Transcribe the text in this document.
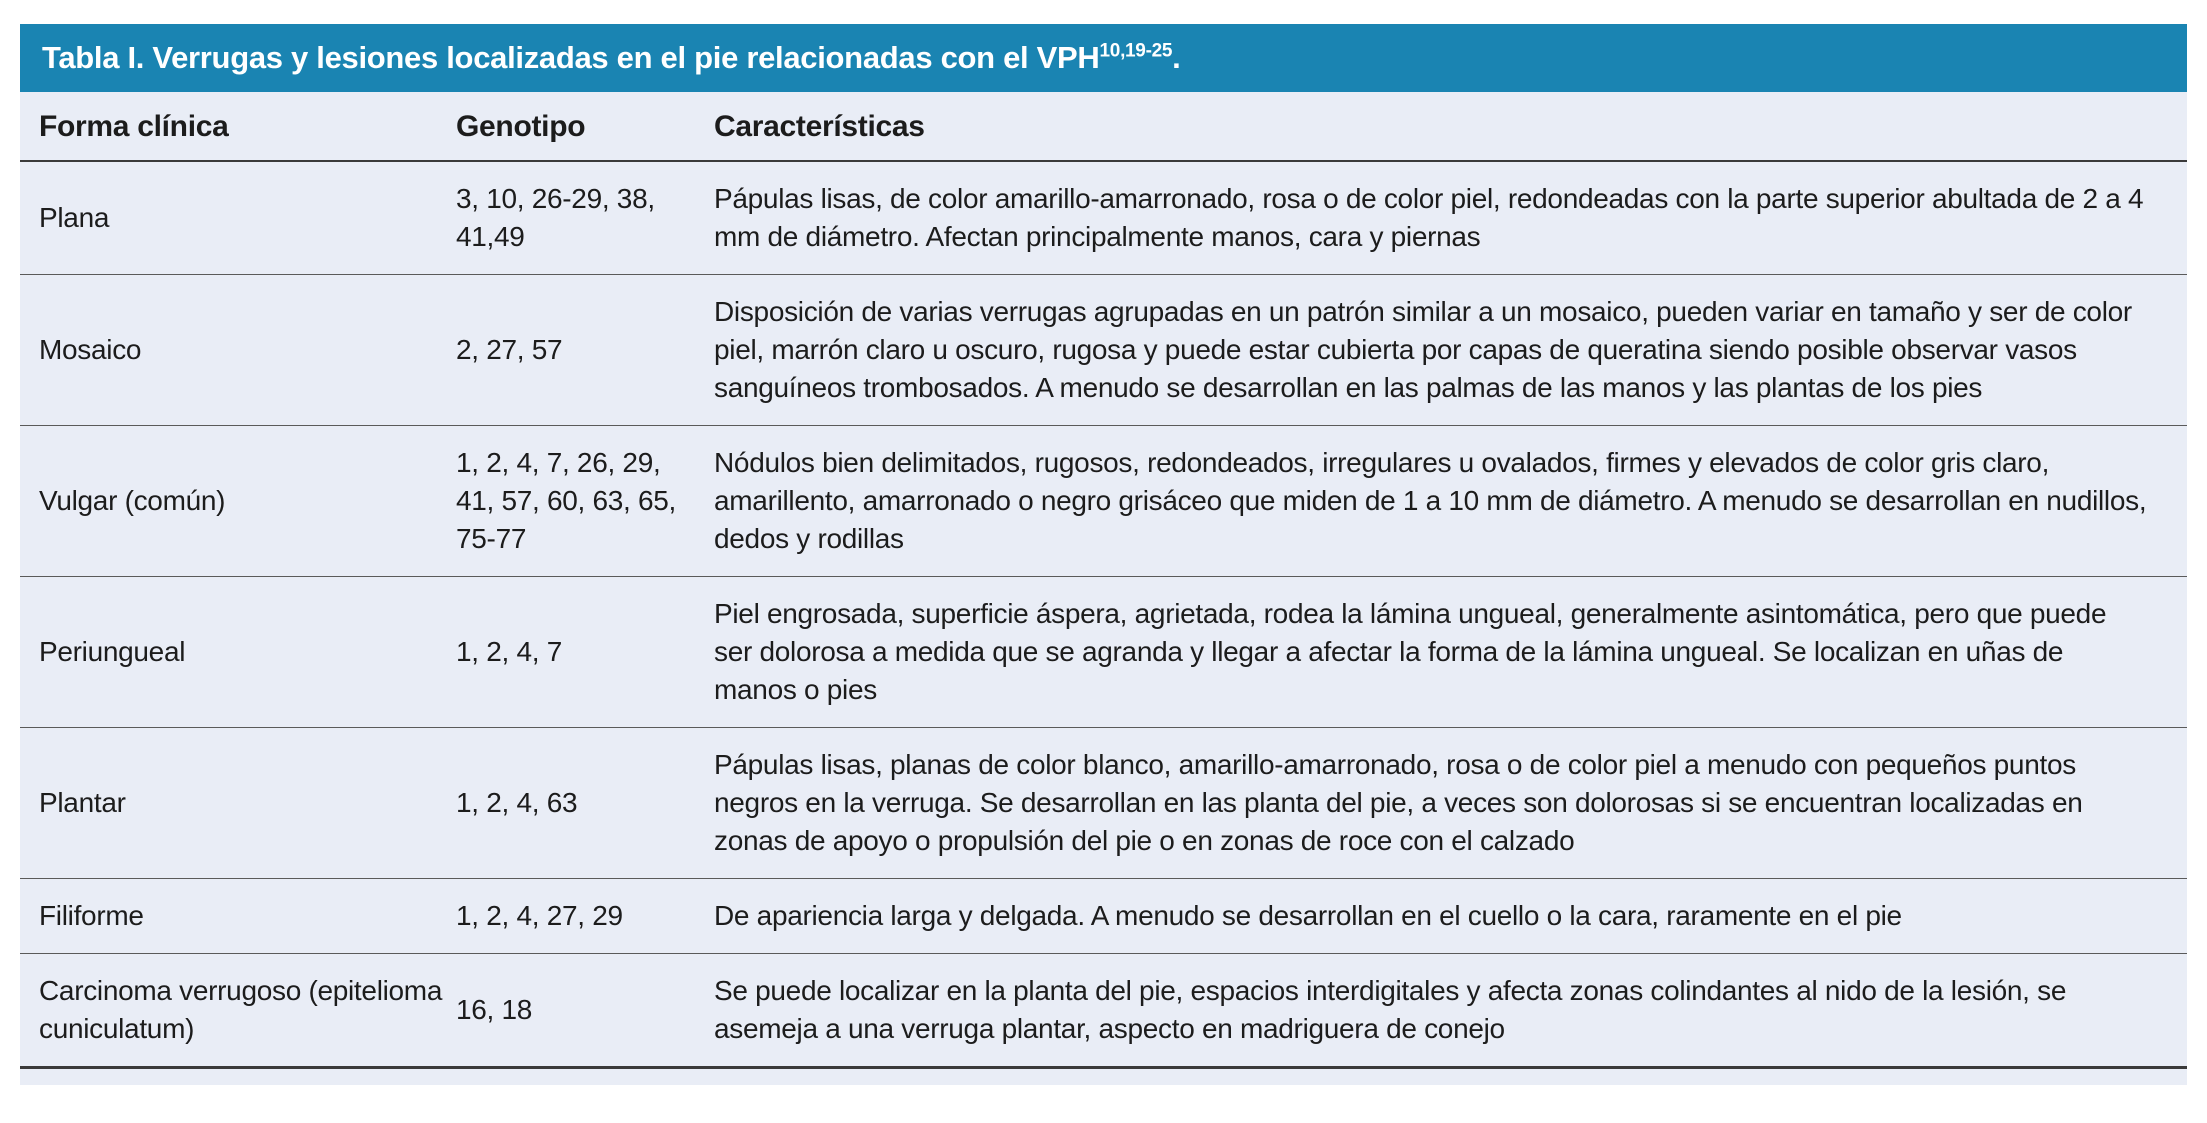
Tabla I. Verrugas y lesiones localizadas en el pie relacionadas con el VPH$^{10,19-25}$.
Forma clínica	Genotipo	Características
Plana	3, 10, 26-29, 38, 41,49	Pápulas lisas, de color amarillo-amarronado, rosa o de color piel, redondeadas con la parte superior abultada de 2 a 4 mm de diámetro. Afectan principalmente manos, cara y piernas
Mosaico	2, 27, 57	Disposición de varias verrugas agrupadas en un patrón similar a un mosaico, pueden variar en tamaño y ser de color piel, marrón claro u oscuro, rugosa y puede estar cubierta por capas de queratina siendo posible observar vasos sanguíneos trombosados. A menudo se desarrollan en las palmas de las manos y las plantas de los pies
Vulgar (común)	1, 2, 4, 7, 26, 29, 41, 57, 60, 63, 65, 75-77	Nódulos bien delimitados, rugosos, redondeados, irregulares u ovalados, firmes y elevados de color gris claro, amarillento, amarronado o negro grisáceo que miden de 1 a 10 mm de diámetro. A menudo se desarrollan en nudillos, dedos y rodillas
Periungueal	1, 2, 4, 7	Piel engrosada, superficie áspera, agrietada, rodea la lámina ungueal, generalmente asintomática, pero que puede ser dolorosa a medida que se agranda y llegar a afectar la forma de la lámina ungueal. Se localizan en uñas de manos o pies
Plantar	1, 2, 4, 63	Pápulas lisas, planas de color blanco, amarillo-amarronado, rosa o de color piel a menudo con pequeños puntos negros en la verruga. Se desarrollan en las planta del pie, a veces son dolorosas si se encuentran localizadas en zonas de apoyo o propulsión del pie o en zonas de roce con el calzado
Filiforme	1, 2, 4, 27, 29	De apariencia larga y delgada. A menudo se desarrollan en el cuello o la cara, raramente en el pie
Carcinoma verrugoso (epitelioma cuniculatum)	16, 18	Se puede localizar en la planta del pie, espacios interdigitales y afecta zonas colindantes al nido de la lesión, se asemeja a una verruga plantar, aspecto en madriguera de conejo
